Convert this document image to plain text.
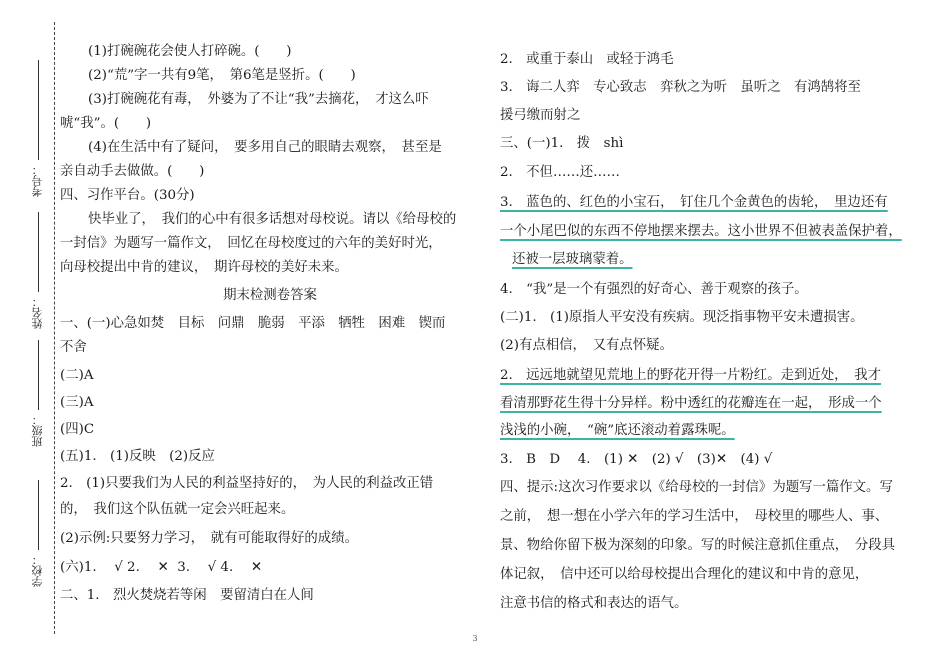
考号：
姓名：
班级：
学校：
(1)打碗碗花会使人打碎碗。(　　)
(2)“荒”字一共有9笔，　第6笔是竖折。(　　)
(3)打碗碗花有毒，　外婆为了不让“我”去摘花，　才这么吓
唬“我”。(　　)
(4)在生活中有了疑问，　要多用自己的眼睛去观察，　甚至是
亲自动手去做做。(　　)
四、习作平台。(30分)
快毕业了，　我们的心中有很多话想对母校说。请以《给母校的
一封信》为题写一篇作文，　回忆在母校度过的六年的美好时光，
向母校提出中肯的建议，　期许母校的美好未来。
期末检测卷答案
一、(一)心急如焚　目标　问鼎　脆弱　平添　牺牲　困难　锲而
不舍
(二)A
(三)A
(四)C
(五)1.　(1)反映　(2)反应
2.　(1)只要我们为人民的利益坚持好的，　为人民的利益改正错
的，　我们这个队伍就一定会兴旺起来。
(2)示例:只要努力学习，　就有可能取得好的成绩。
(六)1.　 √ 2.　 ✕  3.　 √ 4.　 ✕
二、1.　烈火焚烧若等闲　要留清白在人间
2.　或重于泰山　或轻于鸿毛
3.　诲二人弈　专心致志　弈秋之为听　虽听之　有鸿鹄将至
援弓缴而射之
三、(一)1.　拨　shì
2.　不但……还……
3.　蓝色的、红色的小宝石，　钉住几个金黄色的齿轮，　里边还有
一个小尾巴似的东西不停地摆来摆去。这小世界不但被表盖保护着，
还被一层玻璃蒙着。
4.　“我”是一个有强烈的好奇心、善于观察的孩子。
(二)1.　(1)原指人平安没有疾病。现泛指事物平安未遭损害。
(2)有点相信，　又有点怀疑。
2.　远远地就望见荒地上的野花开得一片粉红。走到近处，　我才
看清那野花生得十分异样。粉中透红的花瓣连在一起，　形成一个
浅浅的小碗，　“碗”底还滚动着露珠呢。
3.　B　D　 4.　(1) ✕　(2) √　(3)✕　(4) √
四、提示:这次习作要求以《给母校的一封信》为题写一篇作文。写
之前，　想一想在小学六年的学习生活中，　母校里的哪些人、事、
景、物给你留下极为深刻的印象。写的时候注意抓住重点，　分段具
体记叙，　信中还可以给母校提出合理化的建议和中肯的意见，
注意书信的格式和表达的语气。
3
